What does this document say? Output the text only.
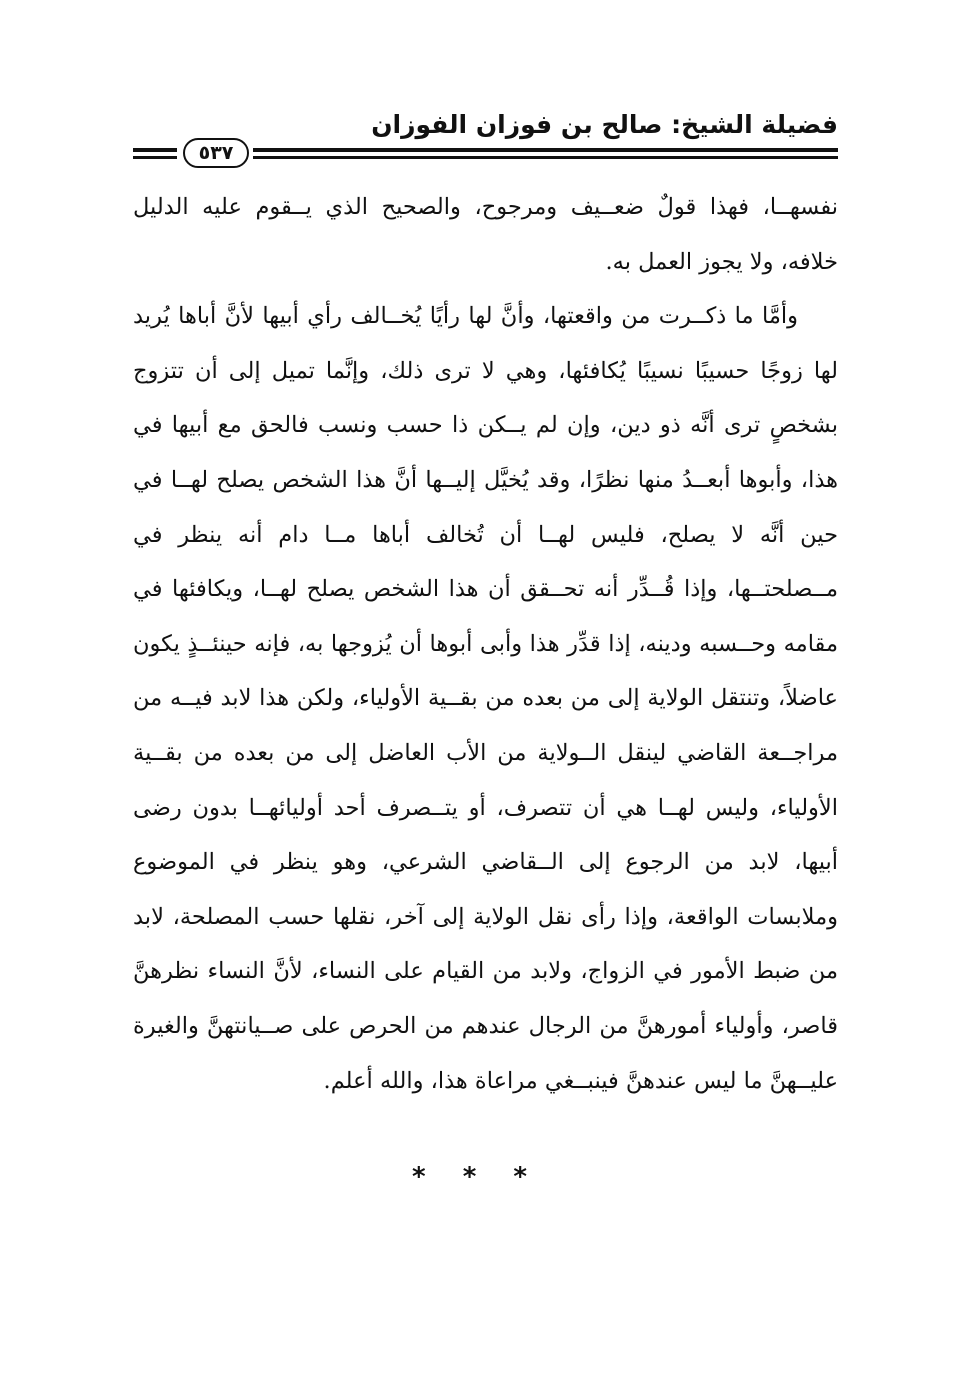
فضيلة الشيخ: صالح بن فوزان الفوزان
٥٣٧

نفسهــا، فهذا قولٌ ضعــيف ومرجوح، والصحيح الذي يــقوم عليه الدليل خلافه، ولا يجوز العمل به.

وأمَّا ما ذكــرت من واقعتها، وأنَّ لها رأيًا يُخــالف رأي أبيها لأنَّ أباها يُريد لها زوجًا حسيبًا نسيبًا يُكافئها، وهي لا ترى ذلك، وإنَّما تميل إلى أن تتزوج بشخصٍ ترى أنَّه ذو دين، وإن لم يــكن ذا حسب ونسب فالحق مع أبيها في هذا، وأبوها أبعــدُ منها نظرًا، وقد يُخيَّل إليــها أنَّ هذا الشخص يصلح لهــا في حين أنَّه لا يصلح، فليس لهــا أن تُخالف أباها مــا دام أنه ينظر في مــصلحتــها، وإذا قُــدِّر أنه تحــقق أن هذا الشخص يصلح لهــا، ويكافئها في مقامه وحــسبه ودينه، إذا قدِّر هذا وأبى أبوها أن يُزوجها به، فإنه حينئــذٍ يكون عاضلاً، وتنتقل الولاية إلى من بعده من بقــية الأولياء، ولكن هذا لابد فيــه من مراجــعة القاضي لينقل الــولاية من الأب العاضل إلى من بعده من بقــية الأولياء، وليس لهــا هي أن تتصرف، أو يتــصرف أحد أوليائهــا بدون رضى أبيها، لابد من الرجوع إلى الــقاضي الشرعي، وهو ينظر في الموضوع وملابسات الواقعة، وإذا رأى نقل الولاية إلى آخر، نقلها حسب المصلحة، لابد من ضبط الأمور في الزواج، ولابد من القيام على النساء، لأنَّ النساء نظرهنَّ قاصر، وأولياء أمورهنَّ من الرجال عندهم من الحرص على صــيانتهنَّ والغيرة عليــهنَّ ما ليس عندهنَّ فينبــغي مراعاة هذا، والله أعلم.

* * *
